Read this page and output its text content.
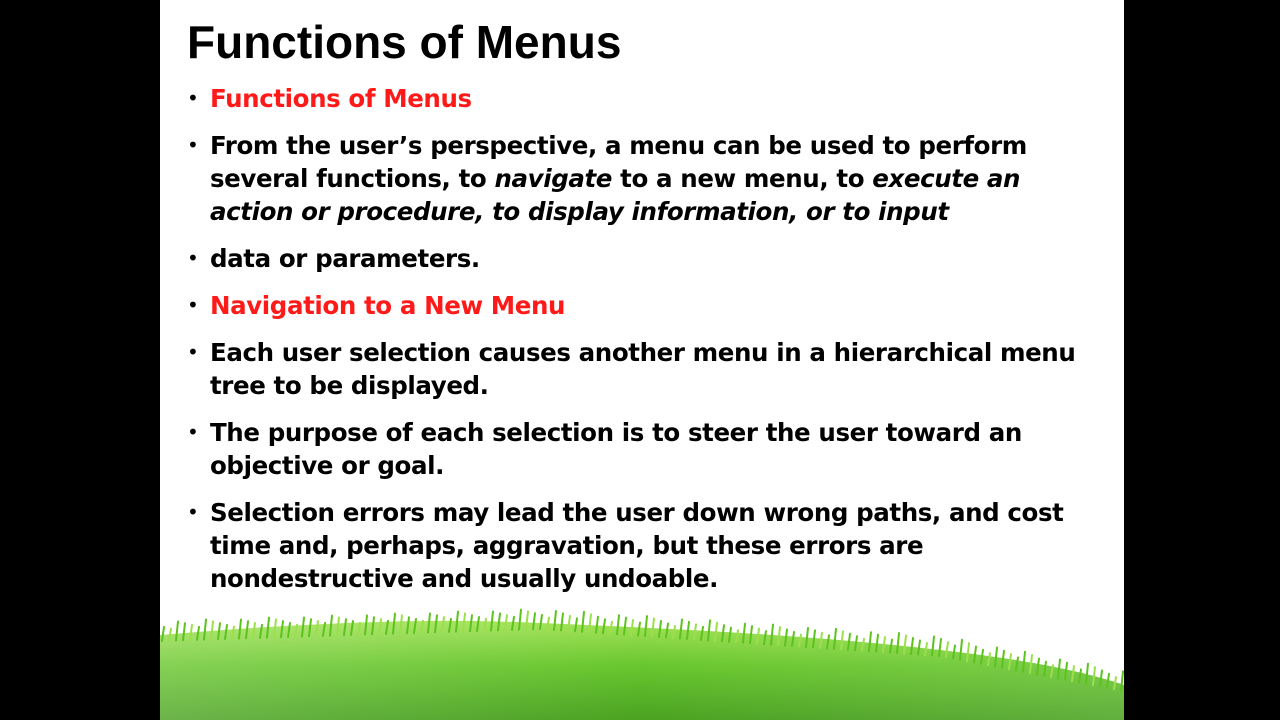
Functions of Menus
• Functions of Menus
• From the user’s perspective, a menu can be used to perform several functions, to navigate to a new menu, to execute an action or procedure, to display information, or to input
• data or parameters.
• Navigation to a New Menu
• Each user selection causes another menu in a hierarchical menu tree to be displayed.
• The purpose of each selection is to steer the user toward an objective or goal.
• Selection errors may lead the user down wrong paths, and cost time and, perhaps, aggravation, but these errors are nondestructive and usually undoable.
